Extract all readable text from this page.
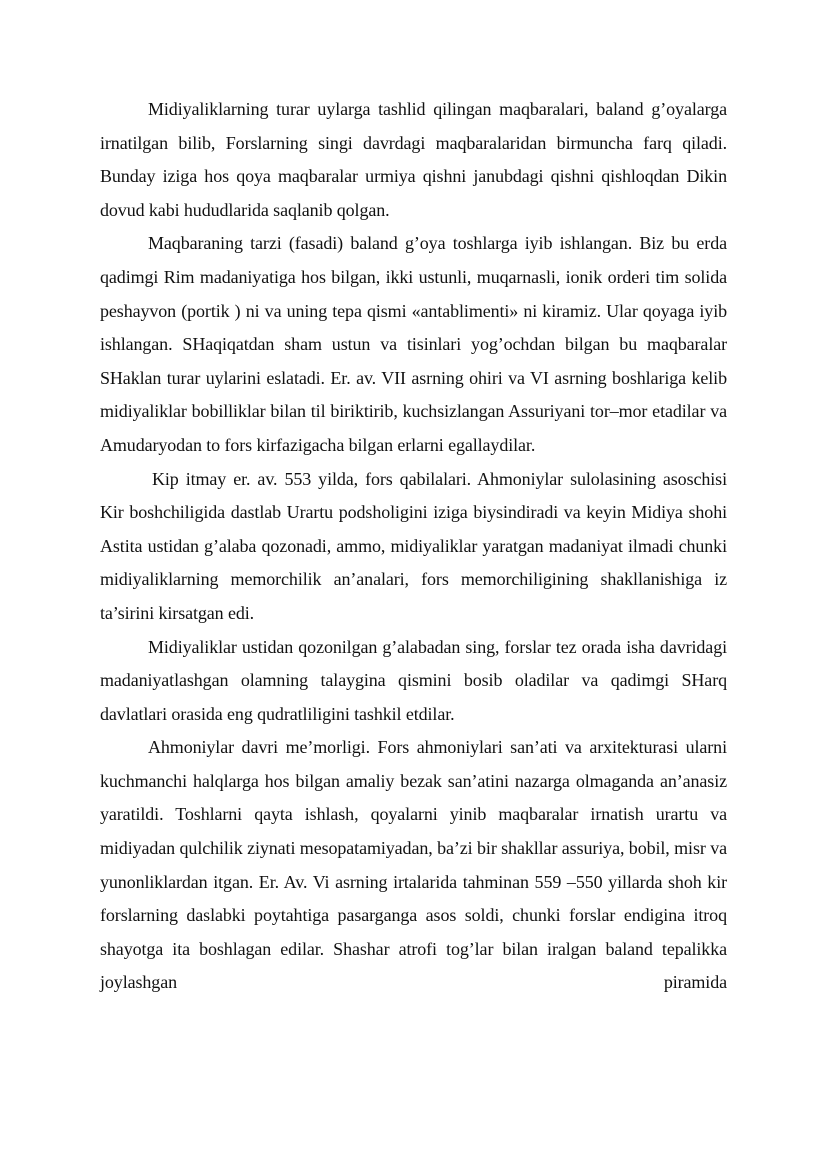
Midiyaliklarning turar uylarga tashlid qilingan maqbaralari, baland g’oyalarga irnatilgan bilib, Forslarning singi davrdagi maqbaralaridan birmuncha farq qiladi. Bunday iziga hos qoya maqbaralar urmiya qishni janubdagi qishni qishloqdan Dikin dovud kabi hududlarida saqlanib qolgan.

Maqbaraning tarzi (fasadi) baland g’oya toshlarga iyib ishlangan. Biz bu erda qadimgi Rim madaniyatiga hos bilgan, ikki ustunli, muqarnasli, ionik orderi tim solida peshayvon (portik ) ni va uning tepa qismi «antablimenti» ni kiramiz. Ular qoyaga iyib ishlangan. SHaqiqatdan sham ustun va tisinlari yog’ochdan bilgan bu maqbaralar SHaklan turar uylarini eslatadi. Er. av. VII asrning ohiri va VI asrning boshlariga kelib midiyaliklar bobilliklar bilan til biriktirib, kuchsizlangan Assuriyani tor–mor etadilar va Amudaryodan to fors kirfazigacha bilgan erlarni egallaydilar.

Kip itmay er. av. 553 yilda, fors qabilalari. Ahmoniylar sulolasining asoschisi Kir boshchiligida dastlab Urartu podsholigini iziga biysindiradi va keyin Midiya shohi Astita ustidan g’alaba qozonadi, ammo, midiyaliklar yaratgan madaniyat ilmadi chunki midiyaliklarning memorchilik an’analari, fors memorchiligining shakllanishiga iz ta’sirini kirsatgan edi.

Midiyaliklar ustidan qozonilgan g’alabadan sing, forslar tez orada isha davridagi madaniyatlashgan olamning talaygina qismini bosib oladilar va qadimgi SHarq davlatlari orasida eng qudratliligini tashkil etdilar.

Ahmoniylar davri me’morligi. Fors ahmoniylari san’ati va arxitekturasi ularni kuchmanchi halqlarga hos bilgan amaliy bezak san’atini nazarga olmaganda an’anasiz yaratildi. Toshlarni qayta ishlash, qoyalarni yinib maqbaralar irnatish urartu va midiyadan qulchilik ziynati mesopatamiyadan, ba’zi bir shakllar assuriya, bobil, misr va yunonliklardan itgan. Er. Av. Vi asrning irtalarida tahminan 559 –550 yillarda shoh kir forslarning daslabki poytahtiga pasarganga asos soldi, chunki forslar endigina itroq shayotga ita boshlagan edilar. Shashar atrofi tog’lar bilan iralgan baland tepalikka joylashgan piramida
